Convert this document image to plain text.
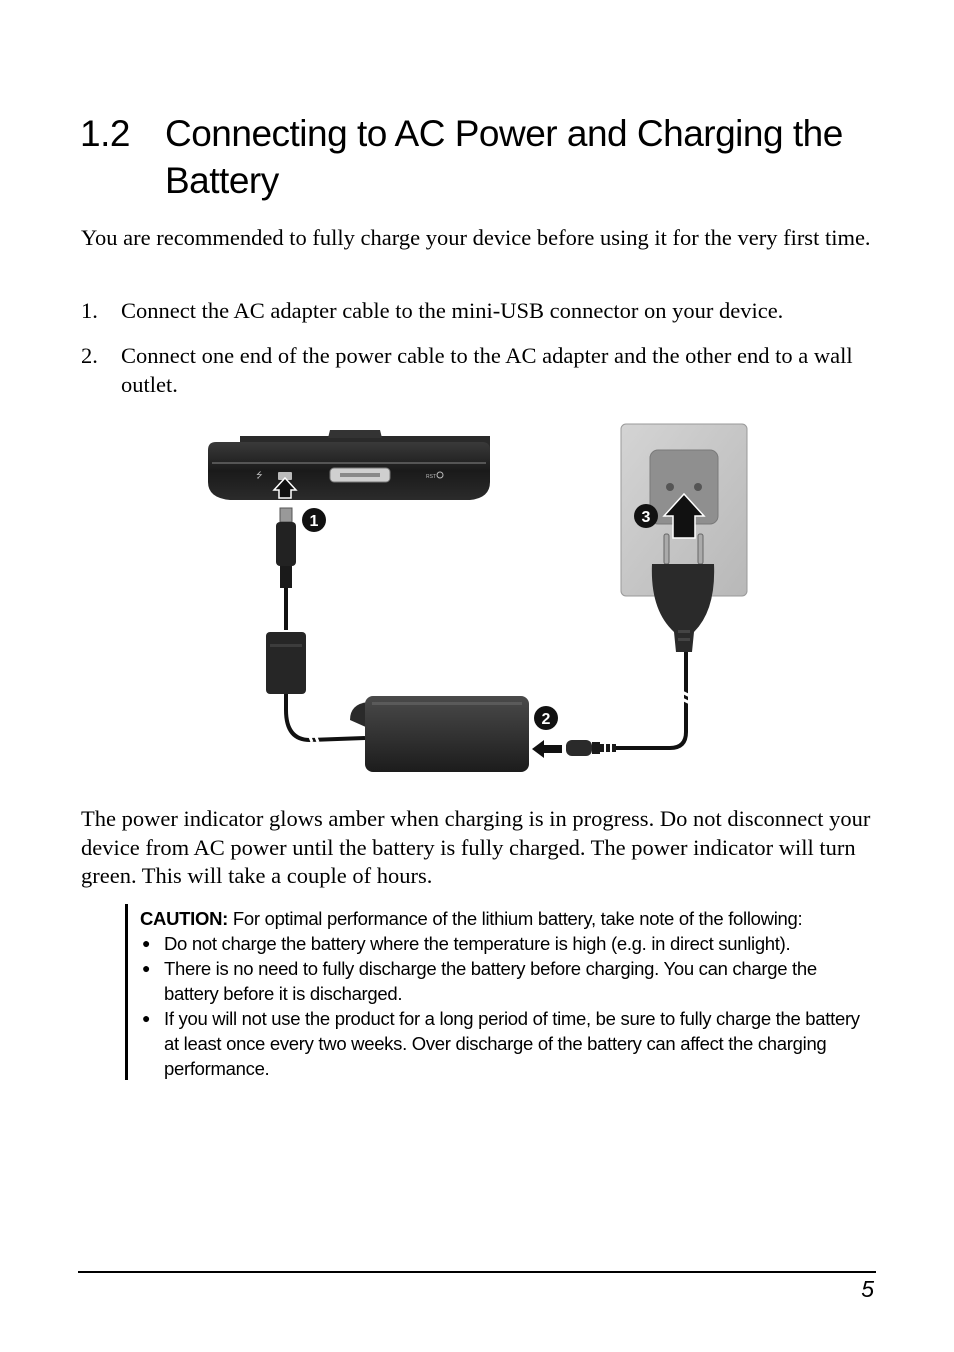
1.2 Connecting to AC Power and Charging the Battery

You are recommended to fully charge your device before using it for the very first time.

1. Connect the AC adapter cable to the mini-USB connector on your device.
2. Connect one end of the power cable to the AC adapter and the other end to a wall outlet.
⭍	RST
1
2
3

The power indicator glows amber when charging is in progress. Do not disconnect your device from AC power until the battery is fully charged. The power indicator will turn green. This will take a couple of hours.

CAUTION: For optimal performance of the lithium battery, take note of the following:
● Do not charge the battery where the temperature is high (e.g. in direct sunlight).
● There is no need to fully discharge the battery before charging. You can charge the battery before it is discharged.
● If you will not use the product for a long period of time, be sure to fully charge the battery at least once every two weeks. Over discharge of the battery can affect the charging performance.
5
